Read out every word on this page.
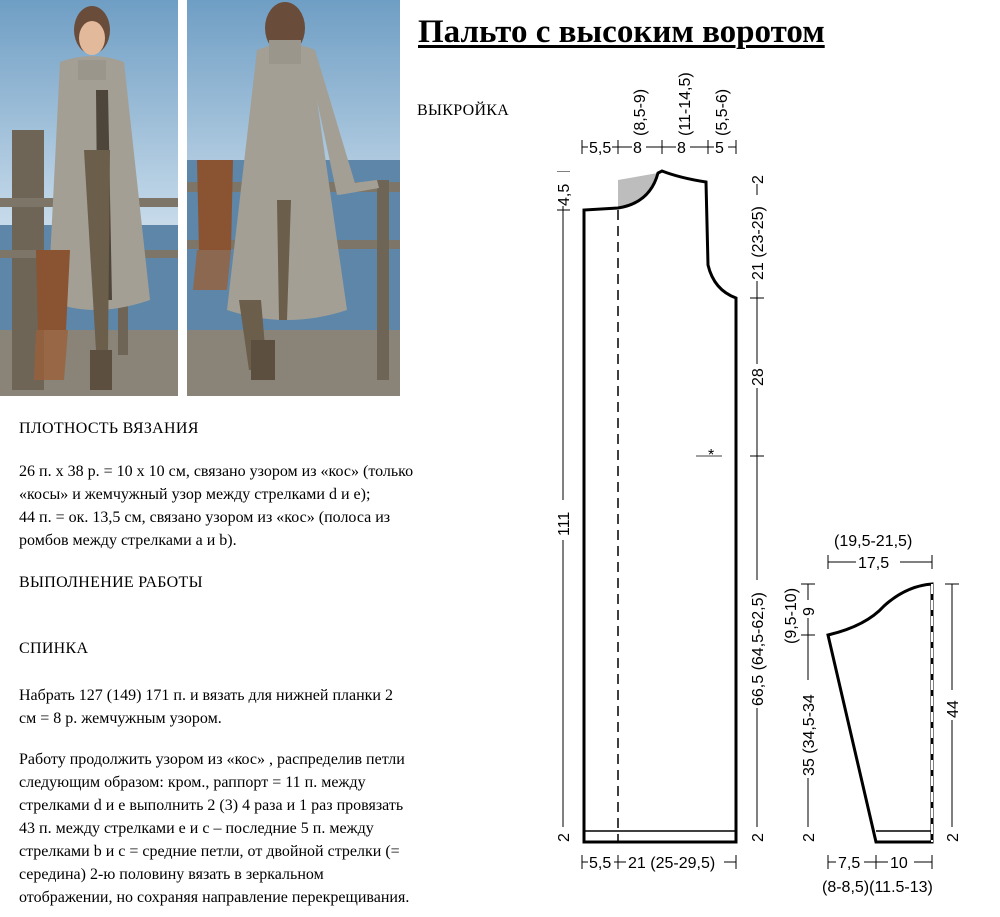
Пальто с высоким воротом
ВЫКРОЙКА
ПЛОТНОСТЬ ВЯЗАНИЯ
26 п. х 38 р. = 10 х 10 см, связано узором из «кос» (только
«косы» и жемчужный узор между стрелками d и е);
44 п. = ок. 13,5 см, связано узором из «кос» (полоса из
ромбов между стрелками а и b).
ВЫПОЛНЕНИЕ РАБОТЫ
СПИНКА
Набрать 127 (149) 171 п. и вязать для нижней планки 2
см = 8 р. жемчужным узором.
Работу продолжить узором из «кос» , распределив петли
следующим образом: кром., раппорт = 11 п. между
стрелками d и е выполнить 2 (3) 4 раза и 1 раз провязать
43 п. между стрелками е и с – последние 5 п. между
стрелками b и с = средние петли, от двойной стрелки (=
середина) 2-ю половину вязать в зеркальном
отображении, но сохраняя направление перекрещивания.
*
5,5 8 8 5
(8,5-9) (11-14,5) (5,5-6)
4,5
111
2
2
21 (23-25)
28
66,5 (64,5-62,5)
2
5,5 21 (25-29,5)
(19,5-21,5)
17,5
9
(9,5-10)
35 (34,5-34
2
44
2
7,5 10
(8-8,5)(11.5-13)
